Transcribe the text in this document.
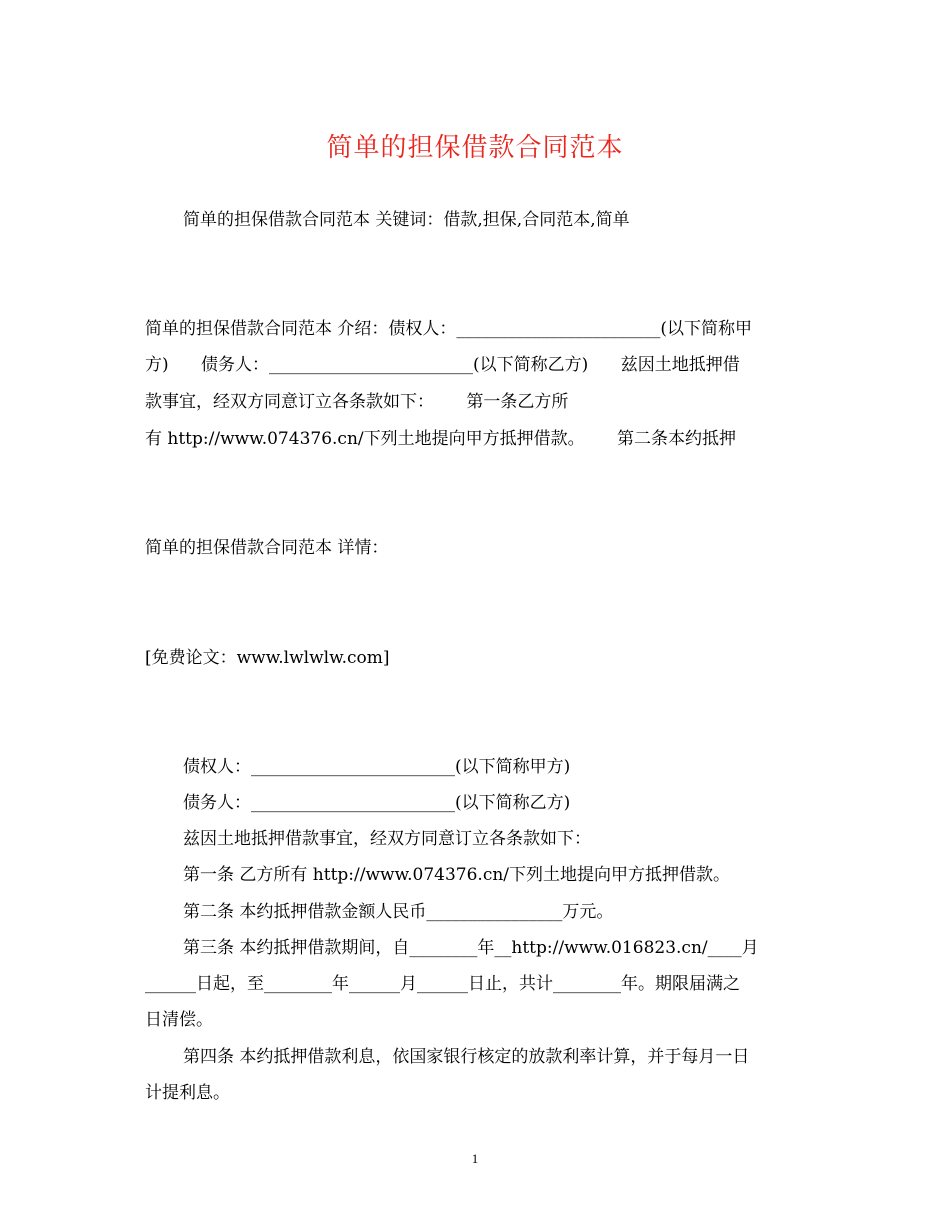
简单的担保借款合同范本
简单的担保借款合同范本 关键词：借款,担保,合同范本,简单
简单的担保借款合同范本 介绍：债权人：________________________(以下简称甲
方)      债务人：________________________(以下简称乙方)      兹因土地抵押借
款事宜，经双方同意订立各条款如下：      第一条乙方所
有 http://www.074376.cn/下列土地提向甲方抵押借款。      第二条本约抵押
简单的担保借款合同范本 详情：
[免费论文：www.lwlwlw.com]
债权人：________________________(以下简称甲方)
债务人：________________________(以下简称乙方)
兹因土地抵押借款事宜，经双方同意订立各条款如下：
第一条 乙方所有 http://www.074376.cn/下列土地提向甲方抵押借款。
第二条 本约抵押借款金额人民币________________万元。
第三条 本约抵押借款期间，自________年__http://www.016823.cn/____月
______日起，至________年______月______日止，共计________年。期限届满之
日清偿。
第四条 本约抵押借款利息，依国家银行核定的放款利率计算，并于每月一日
计提利息。
1
